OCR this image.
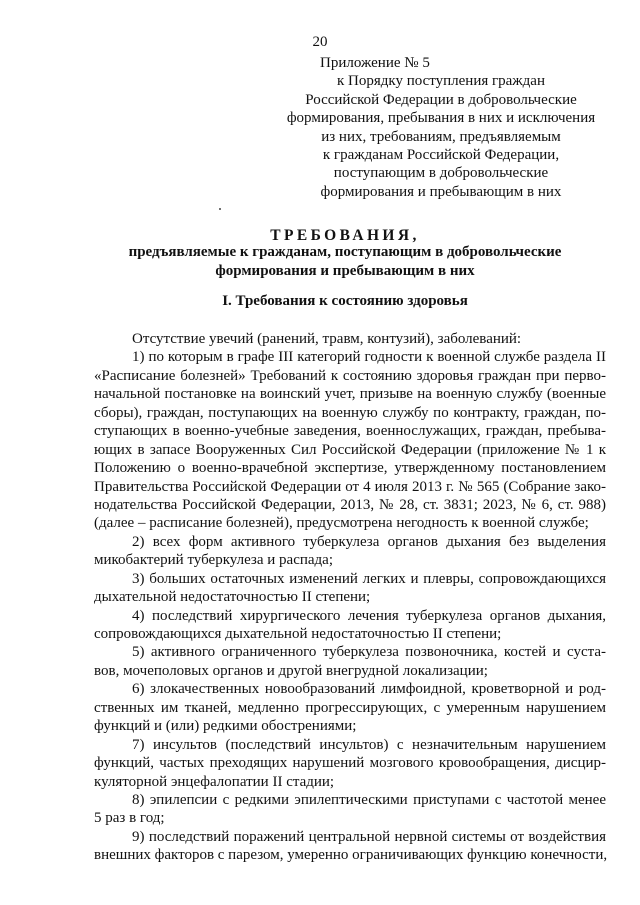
20
Приложение № 5
к Порядку поступления граждан
Российской Федерации в добровольческие
формирования, пребывания в них и исключения
из них, требованиям, предъявляемым
к гражданам Российской Федерации,
поступающим в добровольческие
формирования и пребывающим в них
ТРЕБОВАНИЯ,
предъявляемые к гражданам, поступающим в добровольческие
формирования и пребывающим в них
I. Требования к состоянию здоровья
Отсутствие увечий (ранений, травм, контузий), заболеваний:
1) по которым в графе III категорий годности к военной службе раздела II
«Расписание болезней» Требований к состоянию здоровья граждан при перво-
начальной постановке на воинский учет, призыве на военную службу (военные
сборы), граждан, поступающих на военную службу по контракту, граждан, по-
ступающих в военно-учебные заведения, военнослужащих, граждан, пребыва-
ющих в запасе Вооруженных Сил Российской Федерации (приложение № 1 к
Положению о военно-врачебной экспертизе, утвержденному постановлением
Правительства Российской Федерации от 4 июля 2013 г. № 565 (Собрание зако-
нодательства Российской Федерации, 2013, № 28, ст. 3831; 2023, № 6, ст. 988)
(далее – расписание болезней), предусмотрена негодность к военной службе;
2) всех форм активного туберкулеза органов дыхания без выделения
микобактерий туберкулеза и распада;
3) больших остаточных изменений легких и плевры, сопровождающихся
дыхательной недостаточностью II степени;
4) последствий хирургического лечения туберкулеза органов дыхания,
сопровождающихся дыхательной недостаточностью II степени;
5) активного ограниченного туберкулеза позвоночника, костей и суста-
вов, мочеполовых органов и другой внегрудной локализации;
6) злокачественных новообразований лимфоидной, кроветворной и род-
ственных им тканей, медленно прогрессирующих, с умеренным нарушением
функций и (или) редкими обострениями;
7) инсультов (последствий инсультов) с незначительным нарушением
функций, частых преходящих нарушений мозгового кровообращения, дисцир-
куляторной энцефалопатии II стадии;
8) эпилепсии с редкими эпилептическими приступами с частотой менее
5 раз в год;
9) последствий поражений центральной нервной системы от воздействия
внешних факторов с парезом, умеренно ограничивающих функцию конечности,
